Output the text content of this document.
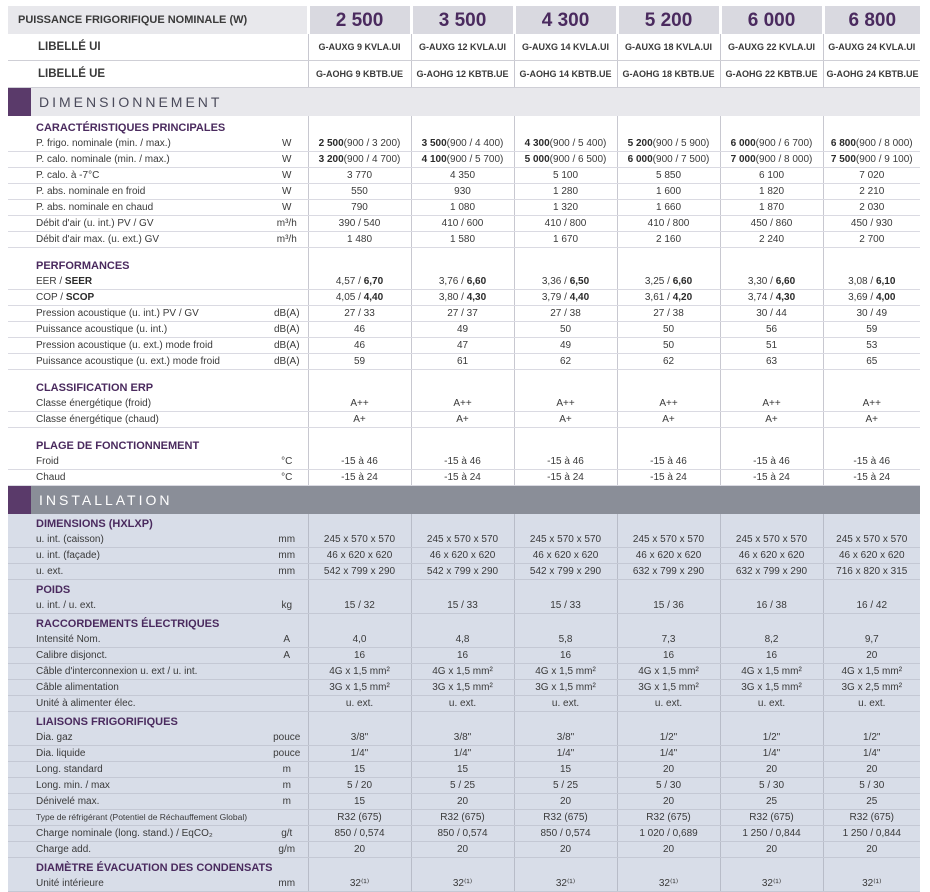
PUISSANCE FRIGORIFIQUE NOMINALE (W)		2 500	3 500	4 300	5 200	6 000	6 800
LIBELLÉ UI		G-AUXG 9 KVLA.UI	G-AUXG 12 KVLA.UI	G-AUXG 14 KVLA.UI	G-AUXG 18 KVLA.UI	G-AUXG 22 KVLA.UI	G-AUXG 24 KVLA.UI
LIBELLÉ UE		G-AOHG 9 KBTB.UE	G-AOHG 12 KBTB.UE	G-AOHG 14 KBTB.UE	G-AOHG 18 KBTB.UE	G-AOHG 22 KBTB.UE	G-AOHG 24 KBTB.UE

DIMENSIONNEMENT							

CARACTÉRISTIQUES PRINCIPALES							
P. frigo. nominale (min. / max.)	W	2 500(900 / 3 200)	3 500(900 / 4 400)	4 300(900 / 5 400)	5 200(900 / 5 900)	6 000(900 / 6 700)	6 800(900 / 8 000)
P. calo. nominale (min. / max.)	W	3 200(900 / 4 700)	4 100(900 / 5 700)	5 000(900 / 6 500)	6 000(900 / 7 500)	7 000(900 / 8 000)	7 500(900 / 9 100)
P. calo. à -7°C	W	3 770	4 350	5 100	5 850	6 100	7 020
P. abs. nominale en froid	W	550	930	1 280	1 600	1 820	2 210
P. abs. nominale en chaud	W	790	1 080	1 320	1 660	1 870	2 030
Débit d'air (u. int.) PV / GV	m³/h	390 / 540	410 / 600	410 / 800	410 / 800	450 / 860	450 / 930
Débit d'air max. (u. ext.) GV	m³/h	1 480	1 580	1 670	2 160	2 240	2 700

PERFORMANCES							
EER / SEER		4,57 / 6,70	3,76 / 6,60	3,36 / 6,50	3,25 / 6,60	3,30 / 6,60	3,08 / 6,10
COP / SCOP		4,05 / 4,40	3,80 / 4,30	3,79 / 4,40	3,61 / 4,20	3,74 / 4,30	3,69 / 4,00
Pression acoustique (u. int.) PV / GV	dB(A)	27 / 33	27 / 37	27 / 38	27 / 38	30 / 44	30 / 49
Puissance acoustique (u. int.)	dB(A)	46	49	50	50	56	59
Pression acoustique (u. ext.) mode froid	dB(A)	46	47	49	50	51	53
Puissance acoustique (u. ext.) mode froid	dB(A)	59	61	62	62	63	65

CLASSIFICATION ERP							
Classe énergétique (froid)		A++	A++	A++	A++	A++	A++
Classe énergétique (chaud)		A+	A+	A+	A+	A+	A+

PLAGE DE FONCTIONNEMENT							
Froid	°C	-15 à 46	-15 à 46	-15 à 46	-15 à 46	-15 à 46	-15 à 46
Chaud	°C	-15 à 24	-15 à 24	-15 à 24	-15 à 24	-15 à 24	-15 à 24

INSTALLATION							

DIMENSIONS (HXLXP)							
u. int. (caisson)	mm	245 x 570 x 570	245 x 570 x 570	245 x 570 x 570	245 x 570 x 570	245 x 570 x 570	245 x 570 x 570
u. int. (façade)	mm	46 x 620 x 620	46 x 620 x 620	46 x 620 x 620	46 x 620 x 620	46 x 620 x 620	46 x 620 x 620
u. ext.	mm	542 x 799 x 290	542 x 799 x 290	542 x 799 x 290	632 x 799 x 290	632 x 799 x 290	716 x 820 x 315
POIDS							
u. int. / u. ext.	kg	15 / 32	15 / 33	15 / 33	15 / 36	16 / 38	16 / 42
RACCORDEMENTS ÉLECTRIQUES							
Intensité Nom.	A	4,0	4,8	5,8	7,3	8,2	9,7
Calibre disjonct.	A	16	16	16	16	16	20
Câble d'interconnexion u. ext / u. int.		4G x 1,5 mm²	4G x 1,5 mm²	4G x 1,5 mm²	4G x 1,5 mm²	4G x 1,5 mm²	4G x 1,5 mm²
Câble alimentation		3G x 1,5 mm²	3G x 1,5 mm²	3G x 1,5 mm²	3G x 1,5 mm²	3G x 1,5 mm²	3G x 2,5 mm²
Unité à alimenter élec.		u. ext.	u. ext.	u. ext.	u. ext.	u. ext.	u. ext.
LIAISONS FRIGORIFIQUES							
Dia. gaz	pouce	3/8"	3/8"	3/8"	1/2"	1/2"	1/2"
Dia. liquide	pouce	1/4"	1/4"	1/4"	1/4"	1/4"	1/4"
Long. standard	m	15	15	15	20	20	20
Long. min. / max	m	5 / 20	5 / 25	5 / 25	5 / 30	5 / 30	5 / 30
Dénivelé max.	m	15	20	20	20	25	25
Type de réfrigérant (Potentiel de Réchauffement Global)		R32 (675)	R32 (675)	R32 (675)	R32 (675)	R32 (675)	R32 (675)
Charge nominale (long. stand.) / EqCO₂	g/t	850 / 0,574	850 / 0,574	850 / 0,574	1 020 / 0,689	1 250 / 0,844	1 250 / 0,844
Charge add.	g/m	20	20	20	20	20	20
DIAMÈTRE ÉVACUATION DES CONDENSATS							
Unité intérieure	mm	32⁽¹⁾	32⁽¹⁾	32⁽¹⁾	32⁽¹⁾	32⁽¹⁾	32⁽¹⁾
